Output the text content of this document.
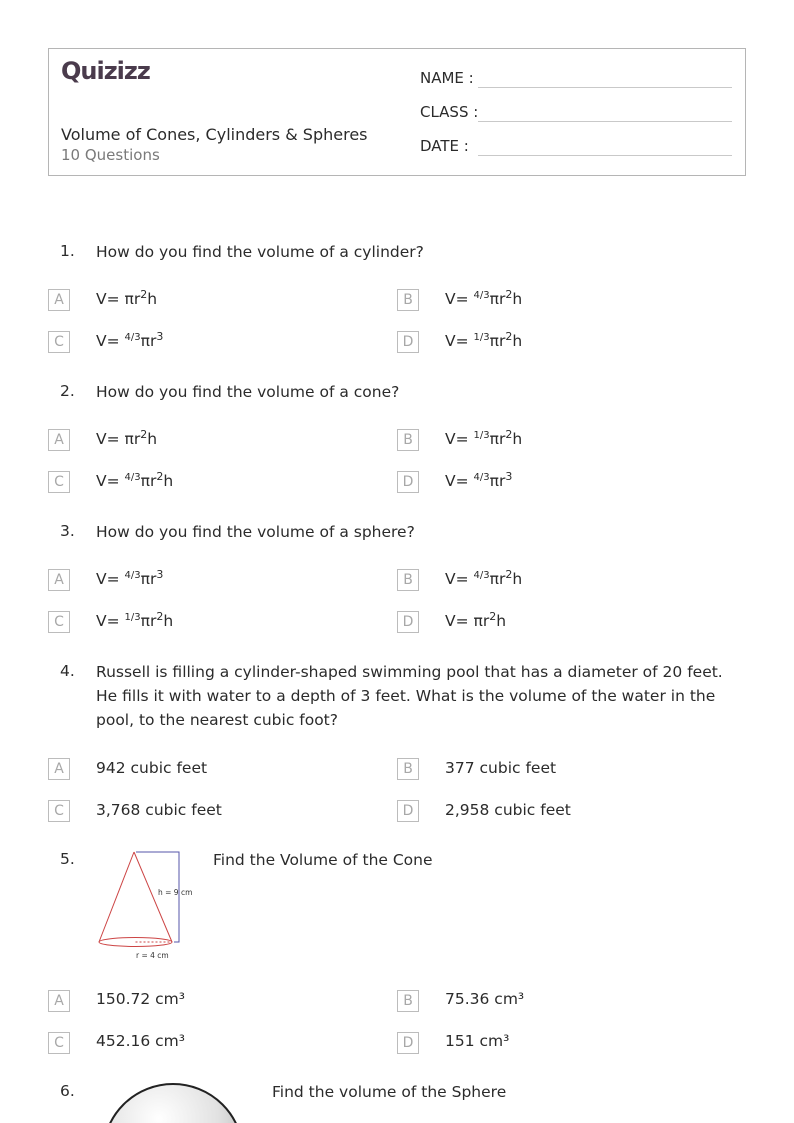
Quizizz
Volume of Cones, Cylinders & Spheres
10 Questions
NAME :
CLASS :
DATE :
1. How do you find the volume of a cylinder?
A	$V= \pi r^2h$	B	$V= ^{4/3}\pi r^2h$
C	$V= ^{4/3}\pi r^3$	D	$V= ^{1/3}\pi r^2h$
2. How do you find the volume of a cone?
A	$V= \pi r^2h$	B	$V= ^{1/3}\pi r^2h$
C	$V= ^{4/3}\pi r^2h$	D	$V= ^{4/3}\pi r^3$
3. How do you find the volume of a sphere?
A	$V= ^{4/3}\pi r^3$	B	$V= ^{4/3}\pi r^2h$
C	$V= ^{1/3}\pi r^2h$	D	$V= \pi r^2h$
4. Russell is filling a cylinder-shaped swimming pool that has a diameter of 20 feet. He fills it with water to a depth of 3 feet. What is the volume of the water in the pool, to the nearest cubic foot?
A	942 cubic feet	B	377 cubic feet
C	3,768 cubic feet	D	2,958 cubic feet
5.	Find the Volume of the Cone
h = 9 cm
r = 4 cm
A	150.72 cm³	B	75.36 cm³
C	452.16 cm³	D	151 cm³
6.	Find the volume of the Sphere
